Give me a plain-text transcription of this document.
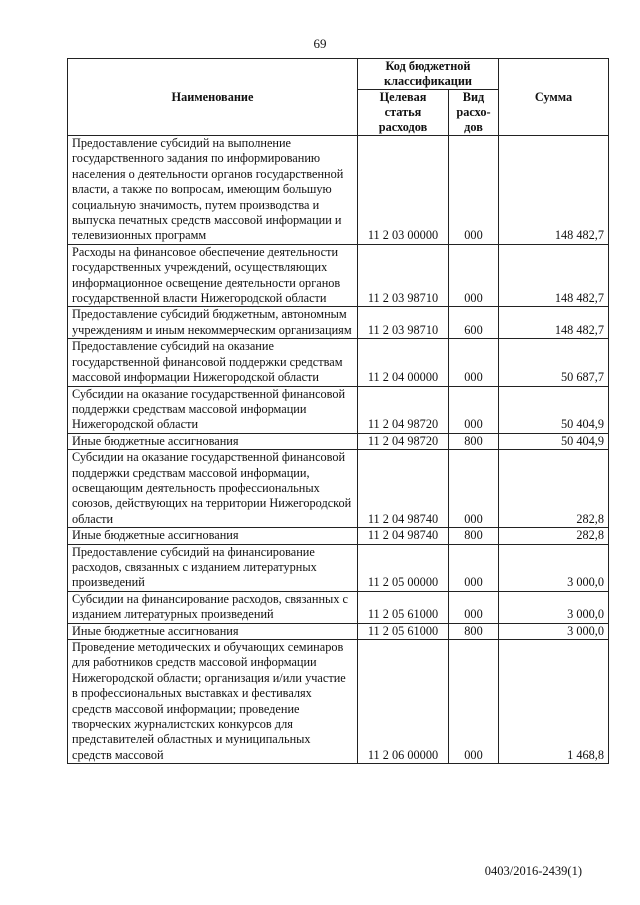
69
Наименование	Код бюджетной классификации		Сумма
	Целевая статья расходов	Вид расхо-дов	
Предоставление субсидий на выполнение государственного задания по информированию населения о деятельности органов государственной власти, а также по вопросам, имеющим большую социальную значимость, путем производства и выпуска печатных средств массовой информации и телевизионных программ	11 2 03 00000	000	148 482,7
Расходы на финансовое обеспечение деятельности государственных учреждений, осуществляющих информационное освещение деятельности органов государственной власти Нижегородской области	11 2 03 98710	000	148 482,7
Предоставление субсидий бюджетным, автономным учреждениям и иным некоммерческим организациям	11 2 03 98710	600	148 482,7
Предоставление субсидий на оказание государственной финансовой поддержки средствам массовой информации Нижегородской области	11 2 04 00000	000	50 687,7
Субсидии на оказание государственной финансовой поддержки средствам массовой информации Нижегородской области	11 2 04 98720	000	50 404,9
Иные бюджетные ассигнования	11 2 04 98720	800	50 404,9
Субсидии на оказание государственной финансовой поддержки средствам массовой информации, освещающим деятельность профессиональных союзов, действующих на территории Нижегородской области	11 2 04 98740	000	282,8
Иные бюджетные ассигнования	11 2 04 98740	800	282,8
Предоставление субсидий на финансирование расходов, связанных с изданием литературных произведений	11 2 05 00000	000	3 000,0
Субсидии на финансирование расходов, связанных с изданием литературных произведений	11 2 05 61000	000	3 000,0
Иные бюджетные ассигнования	11 2 05 61000	800	3 000,0
Проведение методических и обучающих семинаров для работников средств массовой информации Нижегородской области; организация и/или участие в профессиональных выставках и фестивалях средств массовой информации; проведение творческих журналистских конкурсов для представителей областных и муниципальных средств массовой	11 2 06 00000	000	1 468,8
0403/2016-2439(1)
